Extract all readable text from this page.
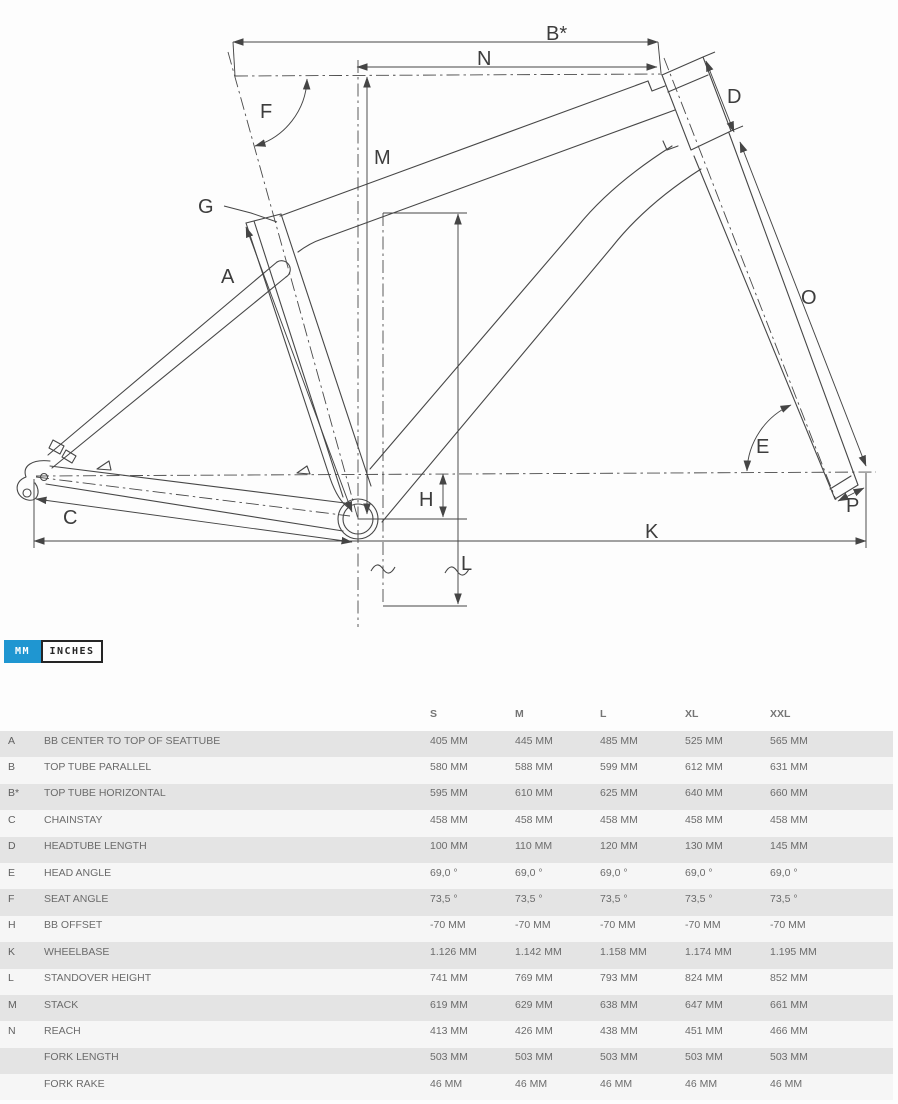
B*
N
F
D
M
G
A
O
E
H	P
C
K
L
MM	INCHES
S	M	L	XL	XXL
A	BB CENTER TO TOP OF SEATTUBE	405 MM	445 MM	485 MM	525 MM	565 MM
B	TOP TUBE PARALLEL	580 MM	588 MM	599 MM	612 MM	631 MM
B*	TOP TUBE HORIZONTAL	595 MM	610 MM	625 MM	640 MM	660 MM
C	CHAINSTAY	458 MM	458 MM	458 MM	458 MM	458 MM
D	HEADTUBE LENGTH	100 MM	110 MM	120 MM	130 MM	145 MM
E	HEAD ANGLE	69,0 °	69,0 °	69,0 °	69,0 °	69,0 °
F	SEAT ANGLE	73,5 °	73,5 °	73,5 °	73,5 °	73,5 °
H	BB OFFSET	-70 MM	-70 MM	-70 MM	-70 MM	-70 MM
K	WHEELBASE	1.126 MM	1.142 MM	1.158 MM	1.174 MM	1.195 MM
L	STANDOVER HEIGHT	741 MM	769 MM	793 MM	824 MM	852 MM
M	STACK	619 MM	629 MM	638 MM	647 MM	661 MM
N	REACH	413 MM	426 MM	438 MM	451 MM	466 MM
FORK LENGTH	503 MM	503 MM	503 MM	503 MM	503 MM
FORK RAKE	46 MM	46 MM	46 MM	46 MM	46 MM
